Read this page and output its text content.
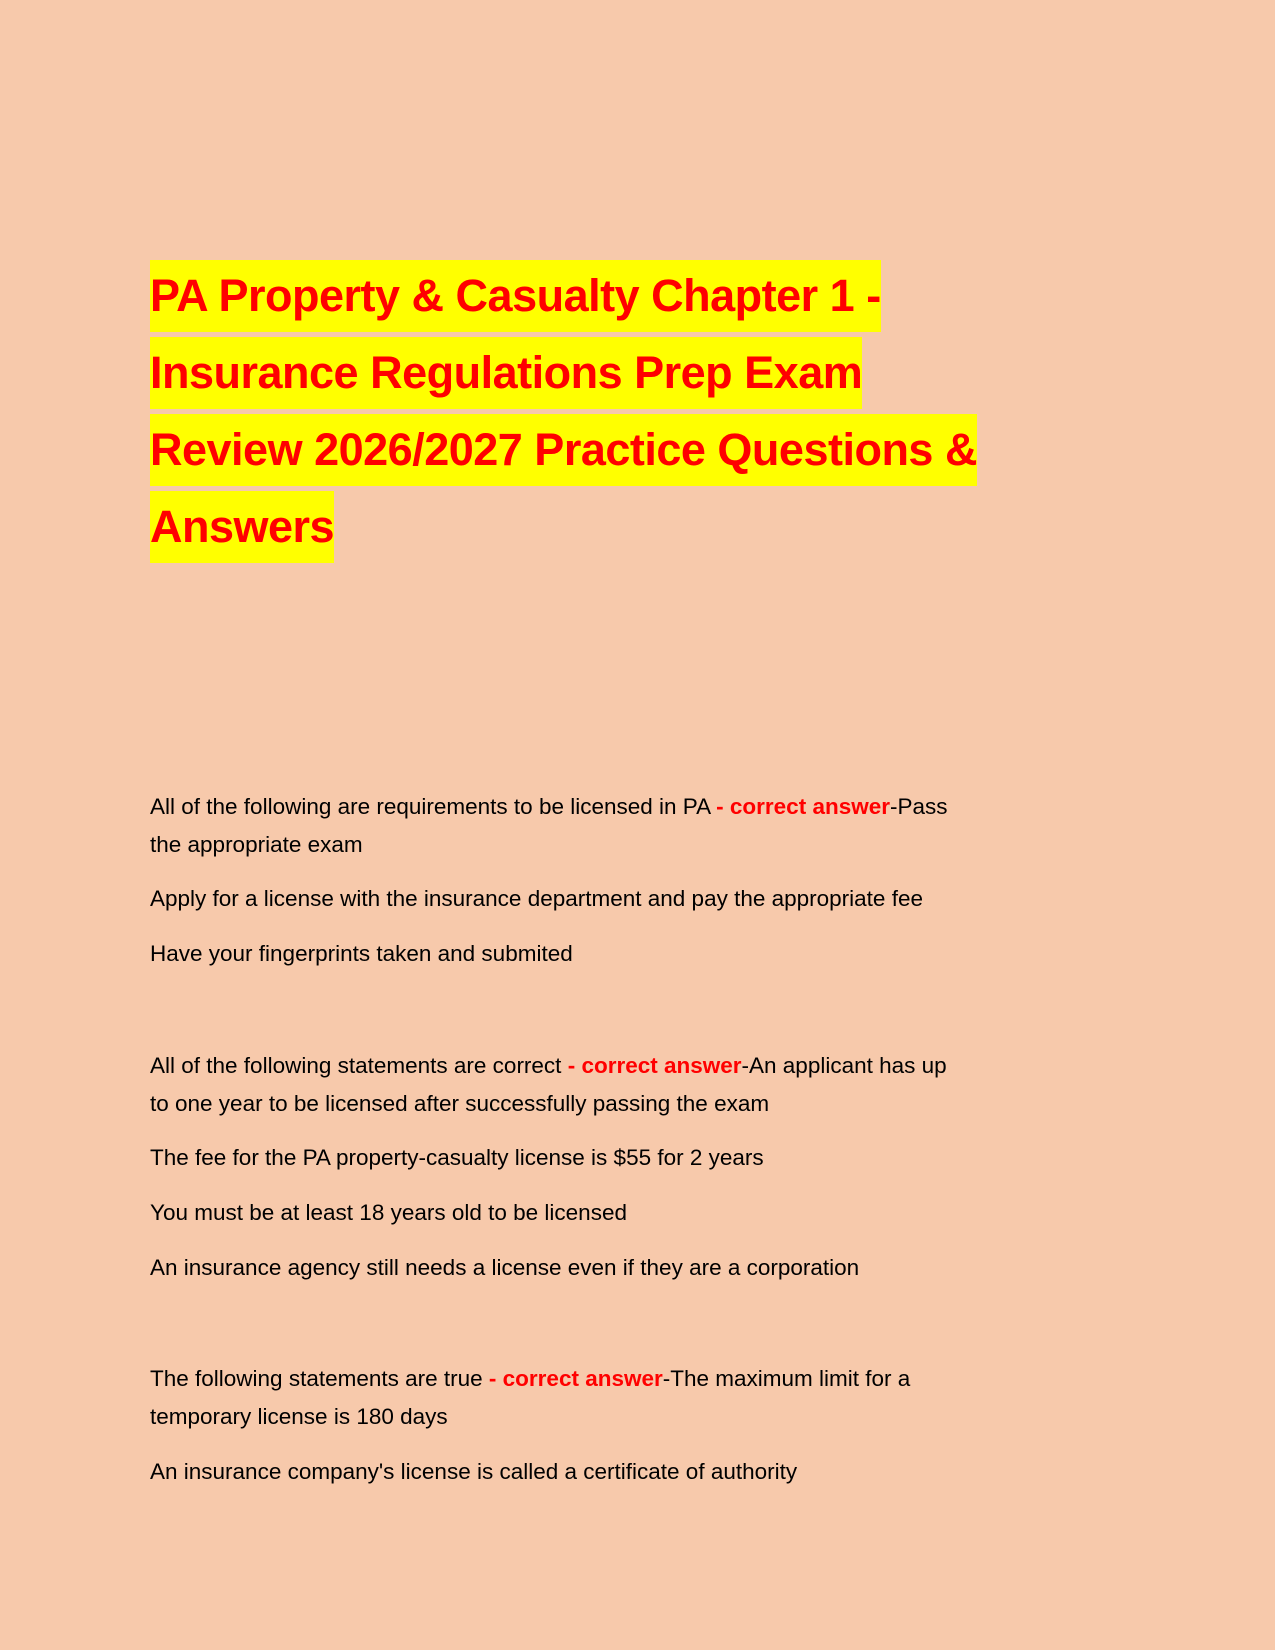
PA Property & Casualty Chapter 1 -
Insurance Regulations Prep Exam
Review 2026/2027 Practice Questions &
Answers
All of the following are requirements to be licensed in PA - correct answer-Pass
the appropriate exam
Apply for a license with the insurance department and pay the appropriate fee
Have your fingerprints taken and submited
All of the following statements are correct - correct answer-An applicant has up
to one year to be licensed after successfully passing the exam
The fee for the PA property-casualty license is $55 for 2 years
You must be at least 18 years old to be licensed
An insurance agency still needs a license even if they are a corporation
The following statements are true - correct answer-The maximum limit for a
temporary license is 180 days
An insurance company's license is called a certificate of authority
